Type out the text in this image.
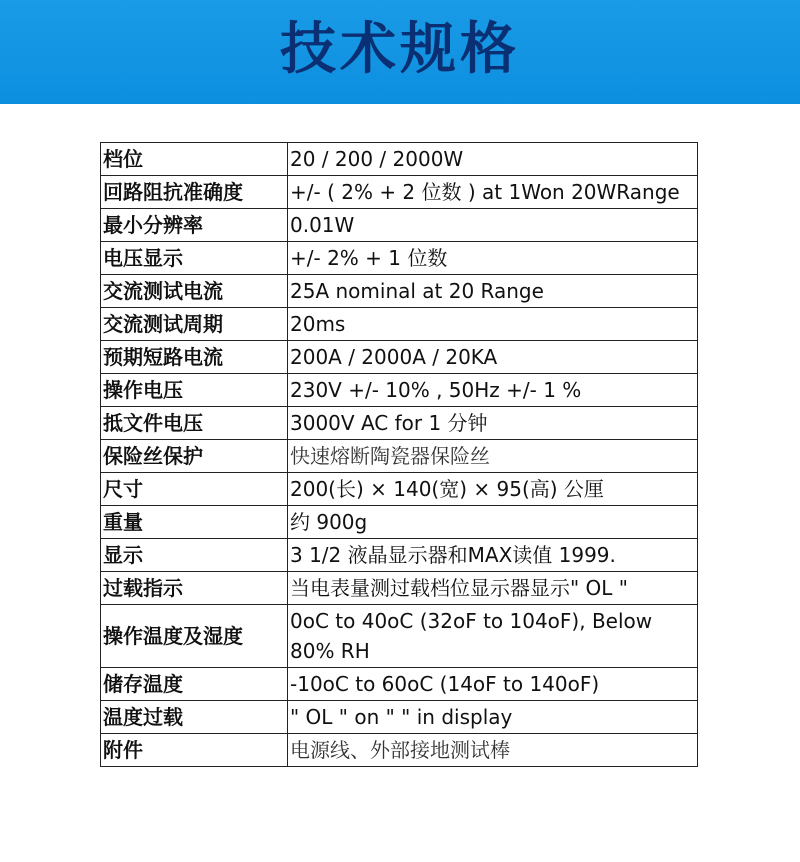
技术规格
档位	20 / 200 / 2000W
回路阻抗准确度	+/- ( 2% + 2 位数 ) at 1Won 20WRange
最小分辨率	0.01W
电压显示	+/- 2% + 1 位数
交流测试电流	25A nominal at 20 Range
交流测试周期	20ms
预期短路电流	200A / 2000A / 20KA
操作电压	230V +/- 10% , 50Hz +/- 1 %
抵文件电压	3000V AC for 1 分钟
保险丝保护	快速熔断陶瓷器保险丝
尺寸	200(长) × 140(宽) × 95(高) 公厘
重量	约 900g
显示	3 1/2 液晶显示器和MAX读值 1999.
过载指示	当电表量测过载档位显示器显示" OL "
操作温度及湿度	0oC to 40oC (32oF to 104oF), Below 80% RH
储存温度	-10oC to 60oC (14oF to 140oF)
温度过载	" OL " on " " in display
附件	电源线、外部接地测试棒
